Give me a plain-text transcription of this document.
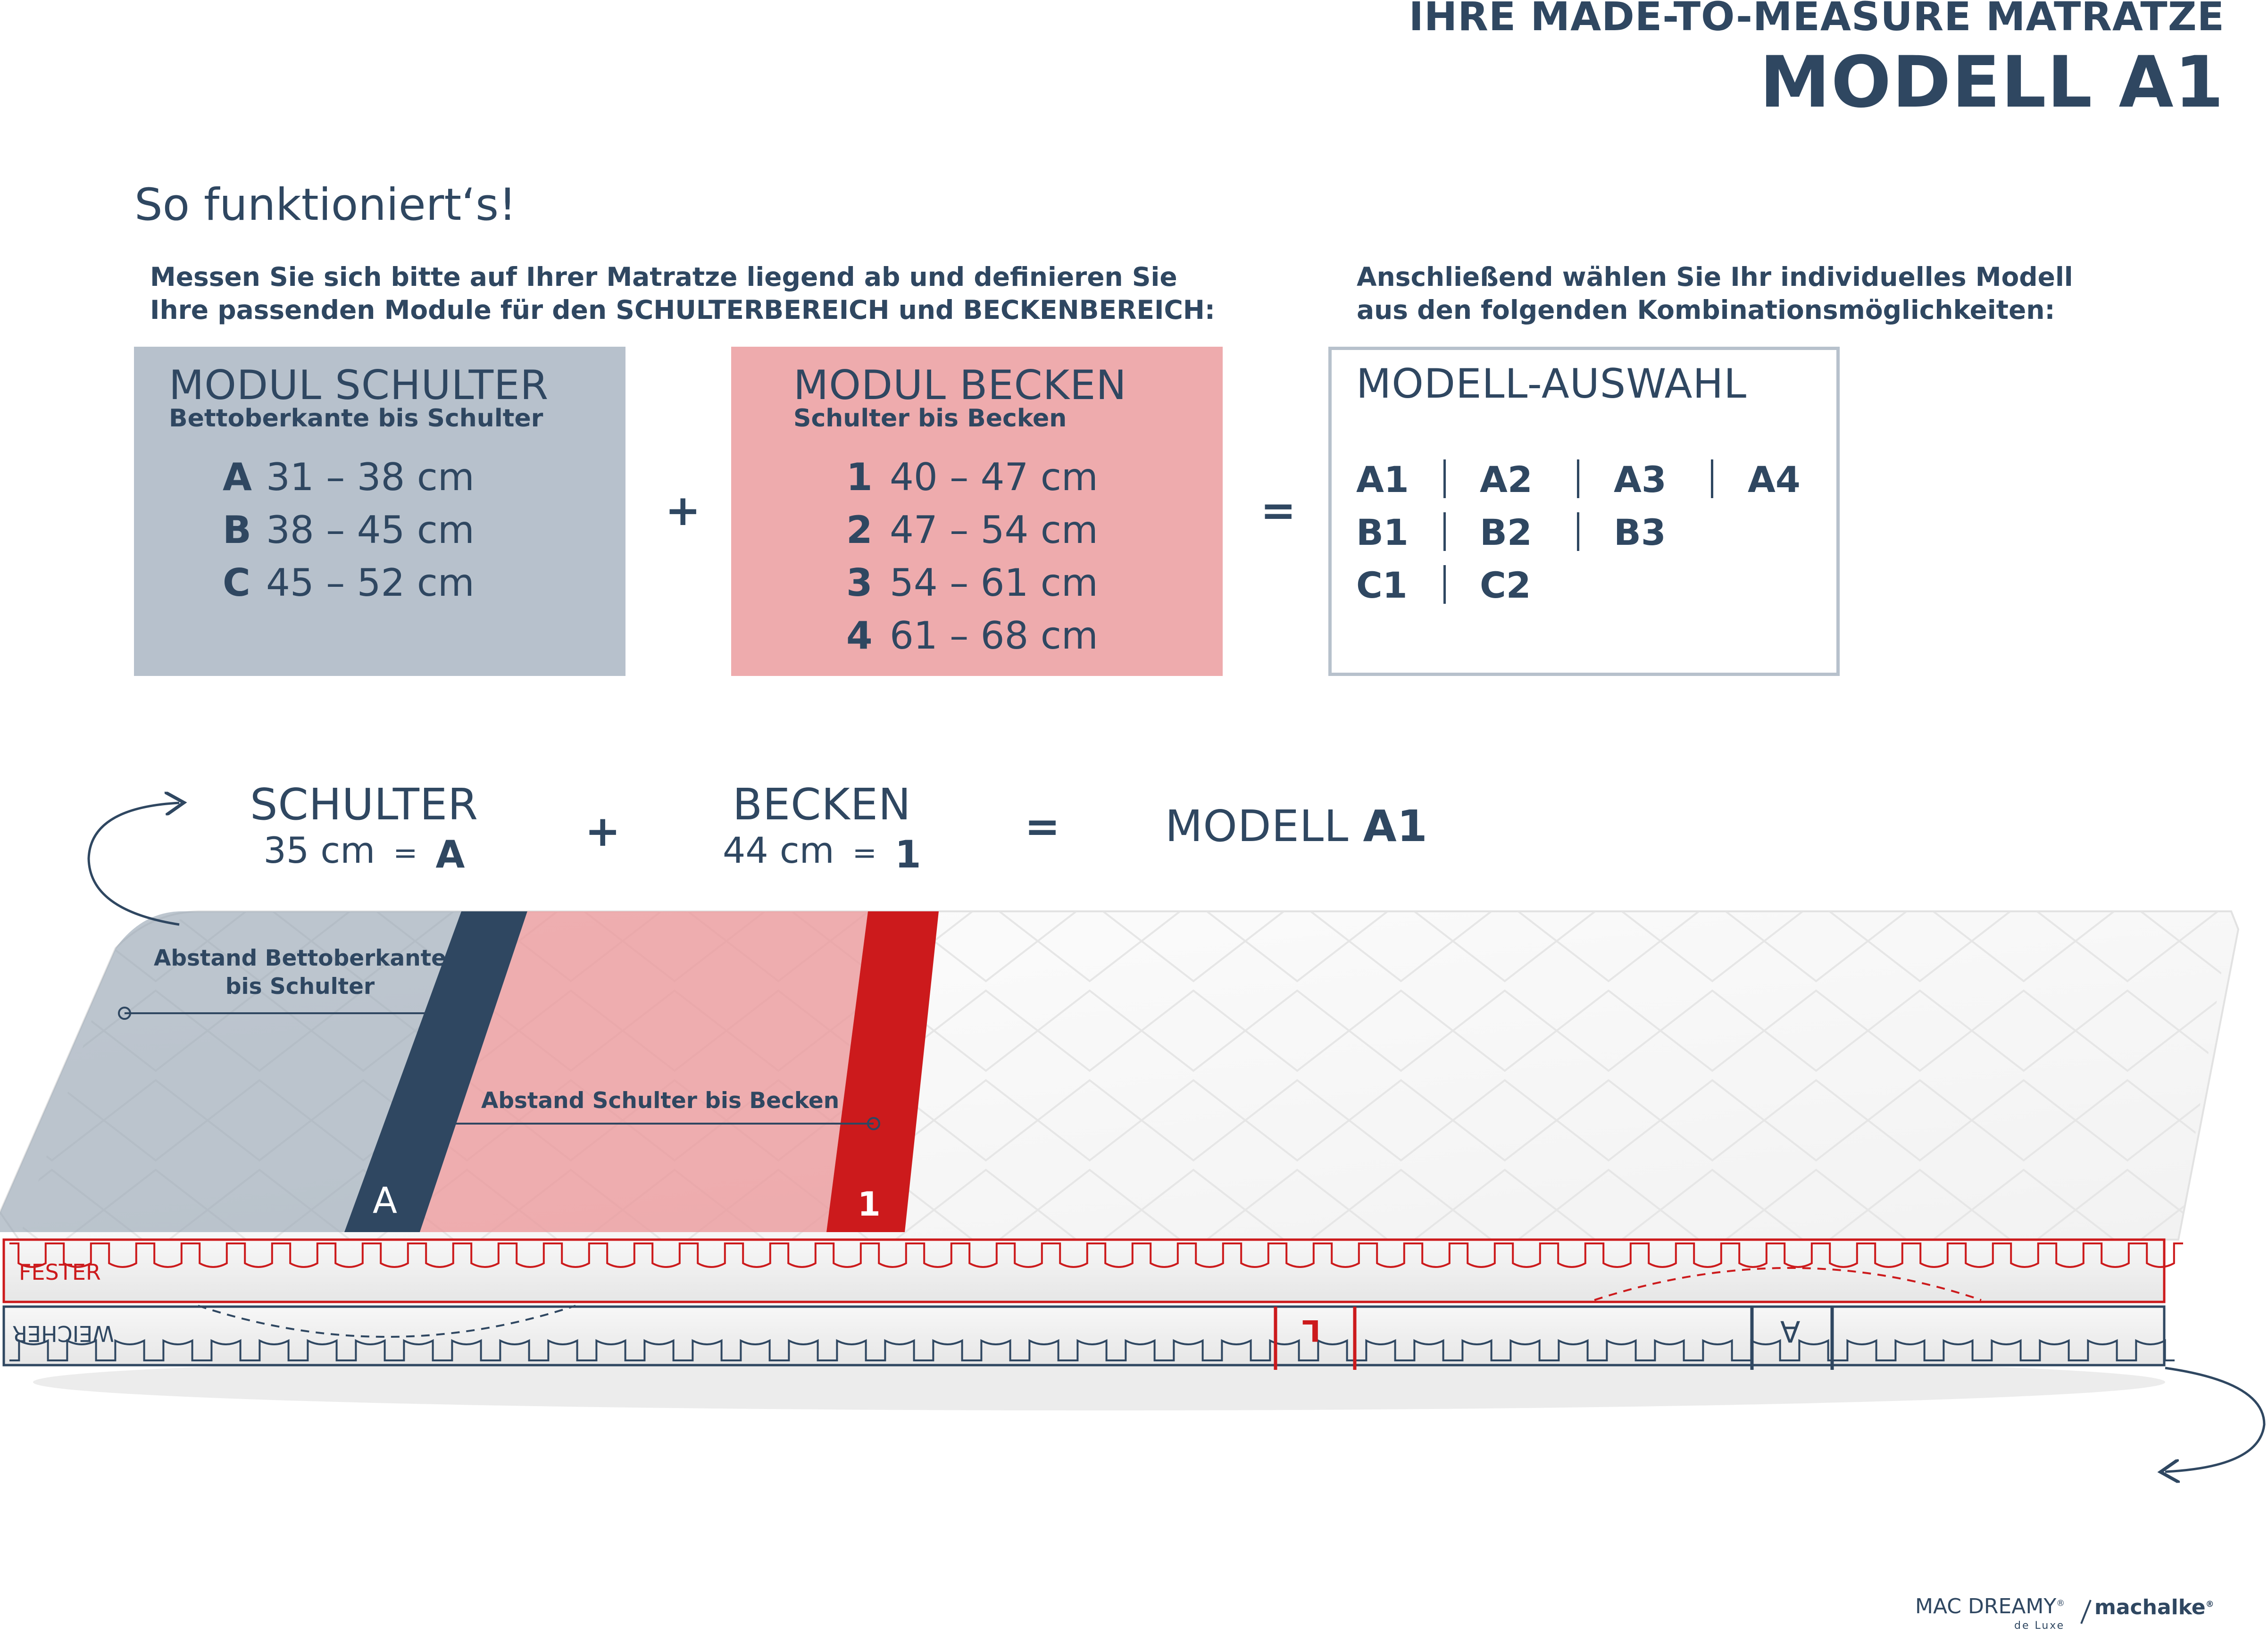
IHRE MADE-TO-MEASURE MATRATZE
MODELL A1
So funktioniert‘s!
Messen Sie sich bitte auf Ihrer Matratze liegend ab und definieren Sie
Ihre passenden Module für den SCHULTERBEREICH und BECKENBEREICH:
Anschließend wählen Sie Ihr individuelles Modell
aus den folgenden Kombinationsmöglichkeiten:
MODUL SCHULTER
Bettoberkante bis Schulter
A 31 – 38 cm
B 38 – 45 cm
C 45 – 52 cm
+
MODUL BECKEN
Schulter bis Becken
1 40 – 47 cm
2 47 – 54 cm
3 54 – 61 cm
4 61 – 68 cm
=
MODELL-AUSWAHL
A1 A2 A3 A4
B1 B2 B3
C1 C2
SCHULTER
35 cm = A	+
BECKEN
44 cm = 1
= MODELL A1
Abstand Bettoberkante
bis Schulter
Abstand Schulter bis Becken
A	1
FESTER
WEICHER	L	A
MAC DREAMY®
de Luxe
machalke®
